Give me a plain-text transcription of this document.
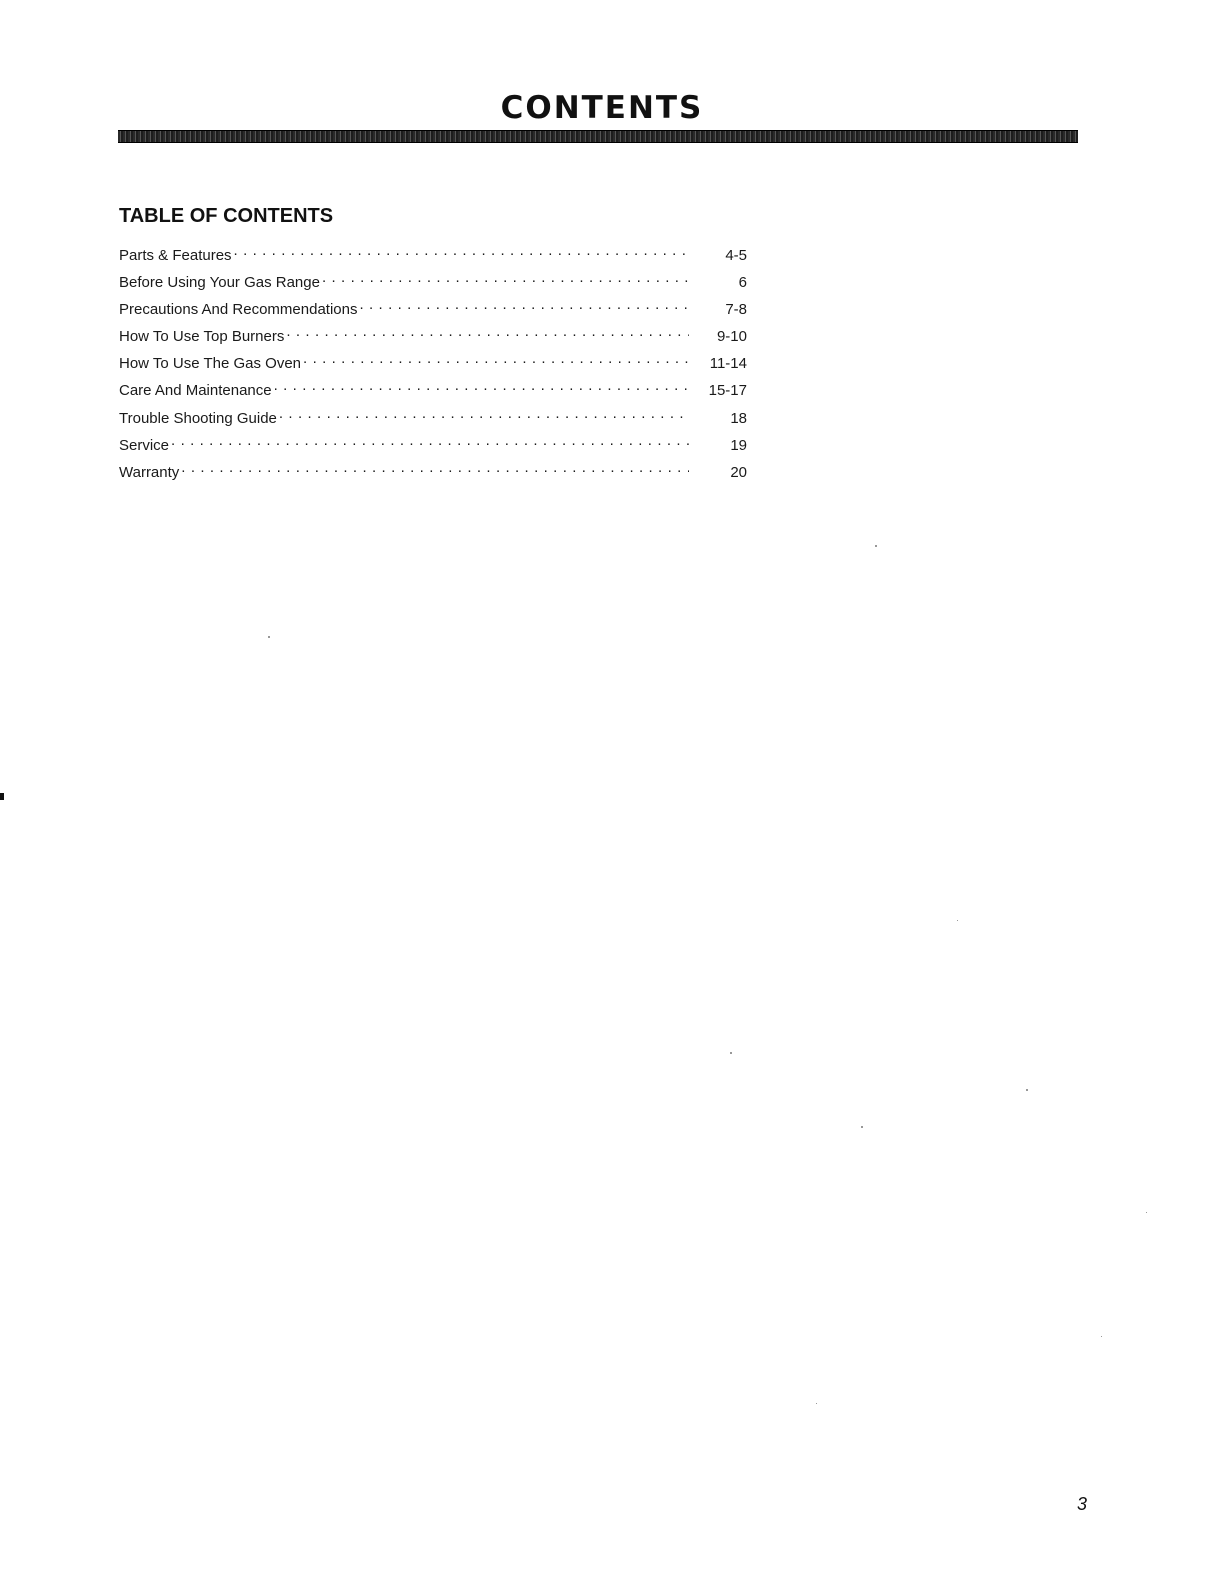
CONTENTS
TABLE OF CONTENTS
Parts & Features . . .	4-5
Before Using Your Gas Range . . .	6
Precautions And Recommendations . . .	7-8
How To Use Top Burners . . .	9-10
How To Use The Gas Oven . . .	11-14
Care And Maintenance . . .	15-17
Trouble Shooting Guide . . .	18
Service . . .	19
Warranty . . .	20
3
